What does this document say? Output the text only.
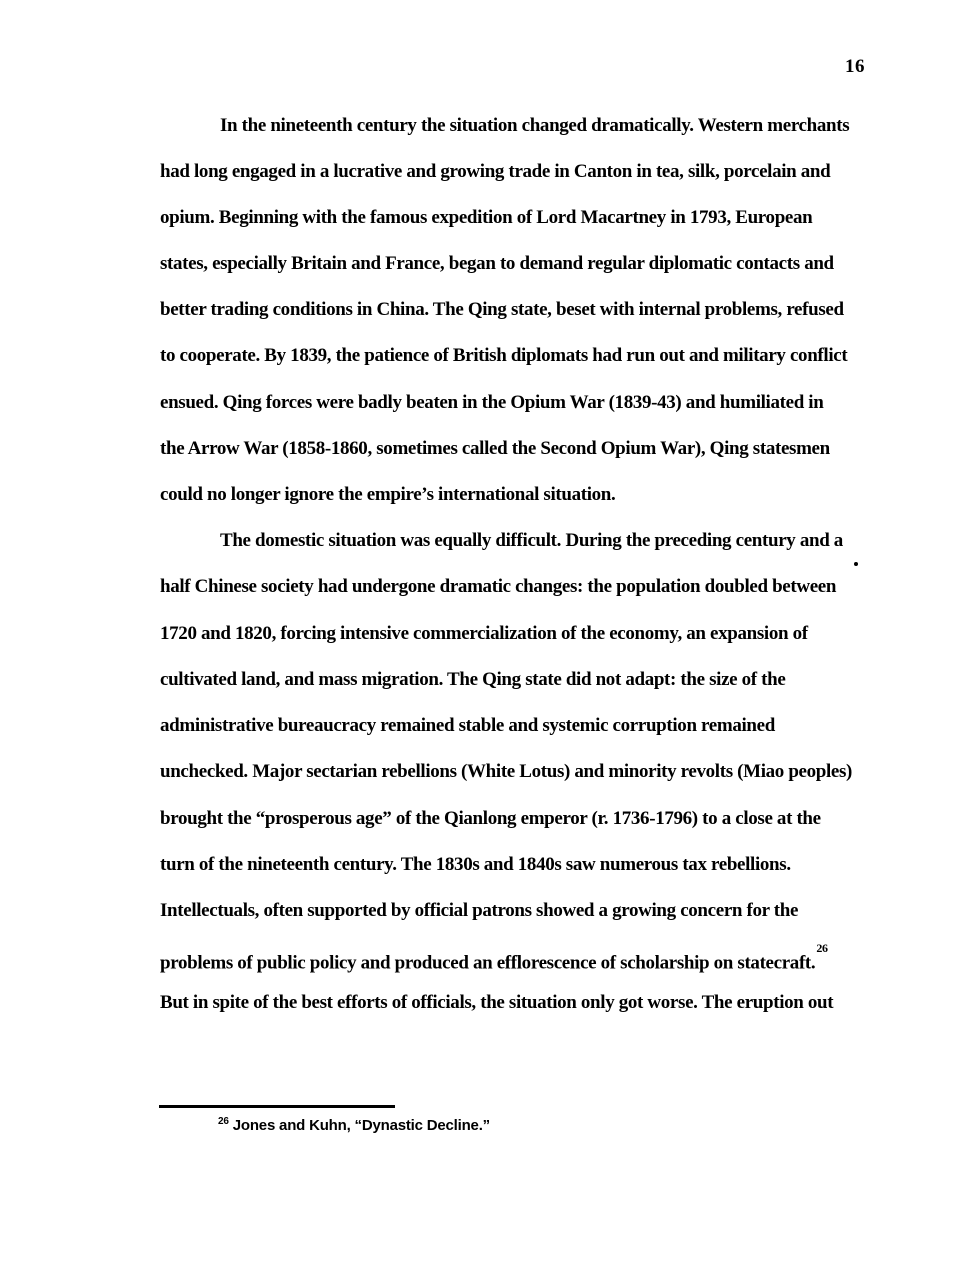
16
In the nineteenth century the situation changed dramatically. Western merchants
had long engaged in a lucrative and growing trade in Canton in tea, silk, porcelain and
opium. Beginning with the famous expedition of Lord Macartney in 1793, European
states, especially Britain and France, began to demand regular diplomatic contacts and
better trading conditions in China. The Qing state, beset with internal problems, refused
to cooperate. By 1839, the patience of British diplomats had run out and military conflict
ensued. Qing forces were badly beaten in the Opium War (1839-43) and humiliated in
the Arrow War (1858-1860, sometimes called the Second Opium War), Qing statesmen
could no longer ignore the empire’s international situation.
The domestic situation was equally difficult. During the preceding century and a
half Chinese society had undergone dramatic changes: the population doubled between
1720 and 1820, forcing intensive commercialization of the economy, an expansion of
cultivated land, and mass migration. The Qing state did not adapt: the size of the
administrative bureaucracy remained stable and systemic corruption remained
unchecked. Major sectarian rebellions (White Lotus) and minority revolts (Miao peoples)
brought the “prosperous age” of the Qianlong emperor (r. 1736-1796) to a close at the
turn of the nineteenth century. The 1830s and 1840s saw numerous tax rebellions.
Intellectuals, often supported by official patrons showed a growing concern for the
problems of public policy and produced an efflorescence of scholarship on statecraft.$^{26}$
But in spite of the best efforts of officials, the situation only got worse. The eruption out
$^{26}$ Jones and Kuhn, “Dynastic Decline.”
